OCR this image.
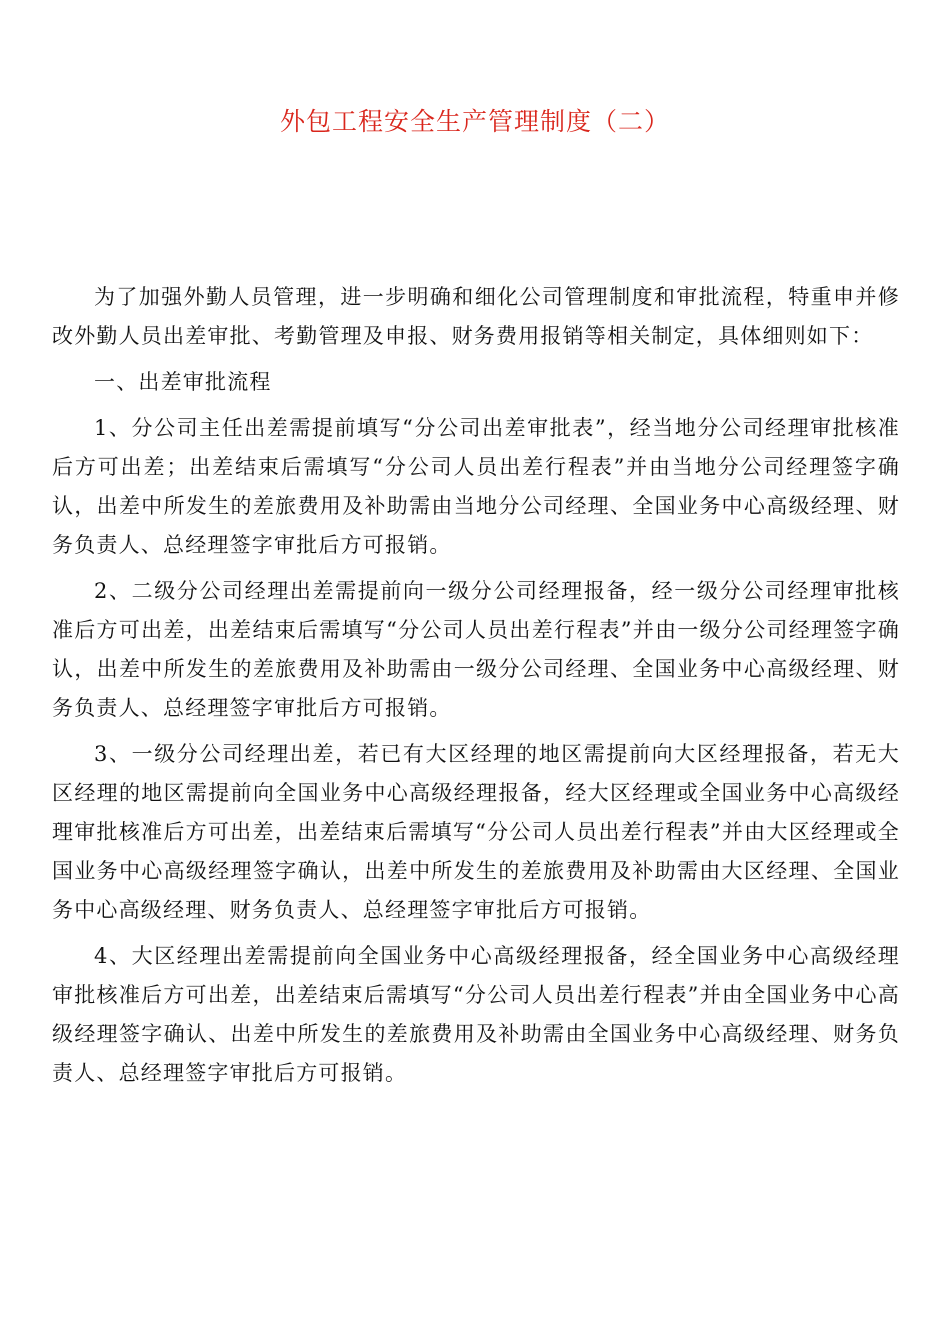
外包工程安全生产管理制度（二）

为了加强外勤人员管理，进一步明确和细化公司管理制度和审批流程，特重申并修改外勤人员出差审批、考勤管理及申报、财务费用报销等相关制定，具体细则如下：

一、出差审批流程

1、分公司主任出差需提前填写“分公司出差审批表”，经当地分公司经理审批核准后方可出差；出差结束后需填写“分公司人员出差行程表”并由当地分公司经理签字确认，出差中所发生的差旅费用及补助需由当地分公司经理、全国业务中心高级经理、财务负责人、总经理签字审批后方可报销。

2、二级分公司经理出差需提前向一级分公司经理报备，经一级分公司经理审批核准后方可出差，出差结束后需填写“分公司人员出差行程表”并由一级分公司经理签字确认，出差中所发生的差旅费用及补助需由一级分公司经理、全国业务中心高级经理、财务负责人、总经理签字审批后方可报销。

3、一级分公司经理出差，若已有大区经理的地区需提前向大区经理报备，若无大区经理的地区需提前向全国业务中心高级经理报备，经大区经理或全国业务中心高级经理审批核准后方可出差，出差结束后需填写“分公司人员出差行程表”并由大区经理或全国业务中心高级经理签字确认，出差中所发生的差旅费用及补助需由大区经理、全国业务中心高级经理、财务负责人、总经理签字审批后方可报销。

4、大区经理出差需提前向全国业务中心高级经理报备，经全国业务中心高级经理审批核准后方可出差，出差结束后需填写“分公司人员出差行程表”并由全国业务中心高级经理签字确认、出差中所发生的差旅费用及补助需由全国业务中心高级经理、财务负责人、总经理签字审批后方可报销。
